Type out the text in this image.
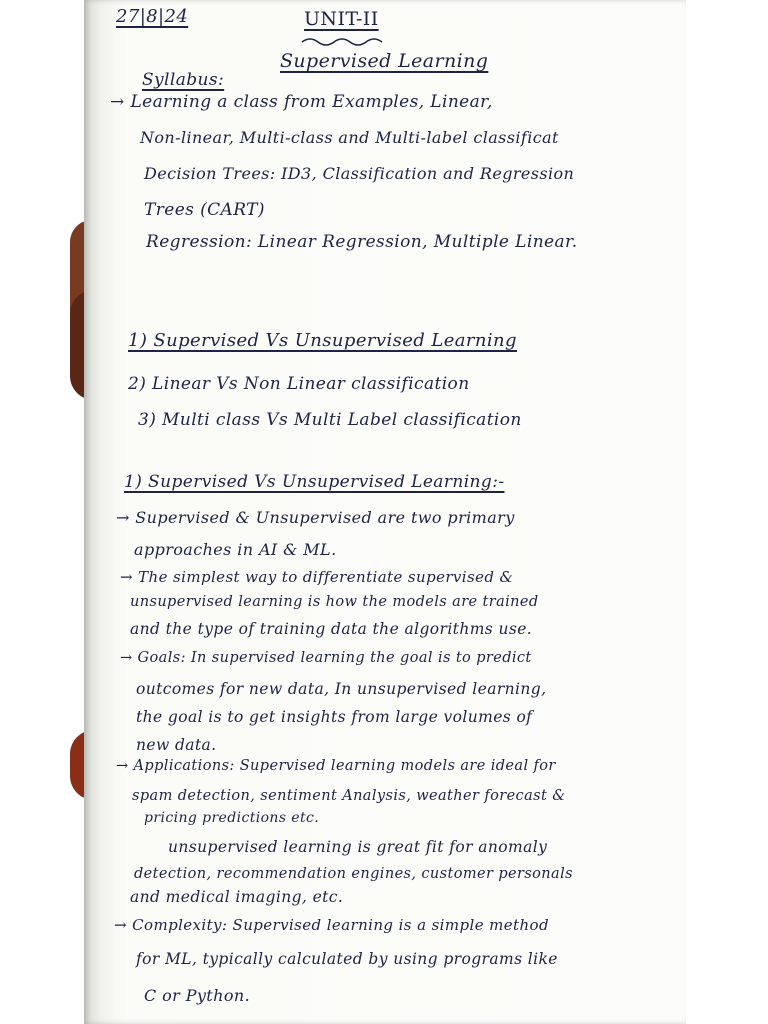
27|8|24	UNIT-II

Supervised Learning

Syllabus:

→ Learning a class from Examples, Linear,

Non-linear, Multi-class and Multi-label classificat

Decision Trees: ID3, Classification and Regression

Trees (CART)

Regression: Linear Regression, Multiple Linear.

1) Supervised Vs Unsupervised Learning

2) Linear Vs Non Linear classification

3) Multi class Vs Multi Label classification

1) Supervised Vs Unsupervised Learning:-

→ Supervised & Unsupervised are two primary

approaches in AI & ML.

→ The simplest way to differentiate supervised &

unsupervised learning is how the models are trained

and the type of training data the algorithms use.

→ Goals: In supervised learning the goal is to predict

outcomes for new data, In unsupervised learning,

the goal is to get insights from large volumes of

new data.

→ Applications: Supervised learning models are ideal for

spam detection, sentiment Analysis, weather forecast &

pricing predictions etc.

unsupervised learning is great fit for anomaly

detection, recommendation engines, customer personals

and medical imaging, etc.

→ Complexity: Supervised learning is a simple method

for ML, typically calculated by using programs like

C or Python.
